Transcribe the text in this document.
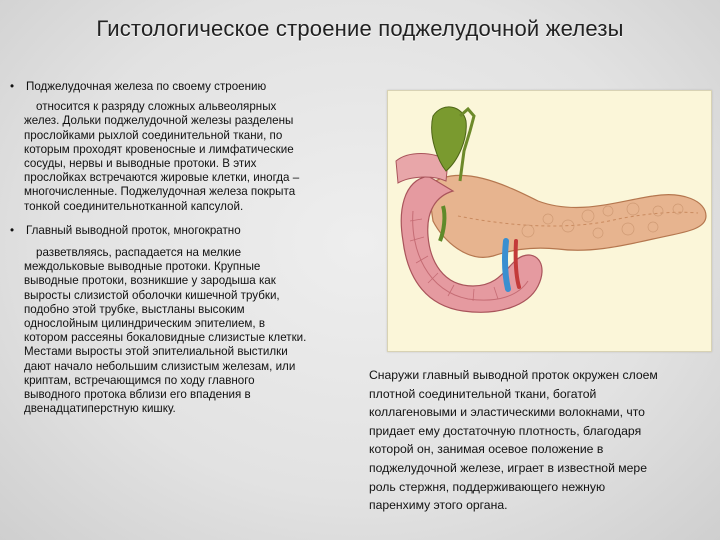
Гистологическое строение поджелудочной железы
•	Поджелудочная железа по своему строению

относится к разряду сложных альвеолярных

желез. Дольки поджелудочной железы разделены

прослойками рыхлой соединительной ткани, по

которым проходят кровеносные и лимфатические

сосуды, нервы и выводные протоки. В этих

прослойках встречаются жировые клетки, иногда –

многочисленные. Поджелудочная железа покрыта

тонкой соединительнотканной капсулой.

•	Главный выводной проток, многократно

разветвляясь, распадается на мелкие

междольковые выводные протоки. Крупные

выводные протоки, возникшие у зародыша как

выросты слизистой оболочки кишечной трубки,

подобно этой трубке, выстланы высоким

однослойным цилиндрическим эпителием, в

котором рассеяны бокаловидные слизистые клетки.

Местами выросты этой эпителиальной выстилки

дают начало небольшим слизистым железам, или

криптам, встречающимся по ходу главного

выводного протока вблизи его впадения в

двенадцатиперстную кишку.

Снаружи главный выводной проток окружен слоем
плотной соединительной ткани, богатой
коллагеновыми и эластическими волокнами, что
придает ему достаточную плотность, благодаря
которой он, занимая осевое положение в
поджелудочной железе, играет в известной мере
роль стержня, поддерживающего нежную
паренхиму этого органа.
